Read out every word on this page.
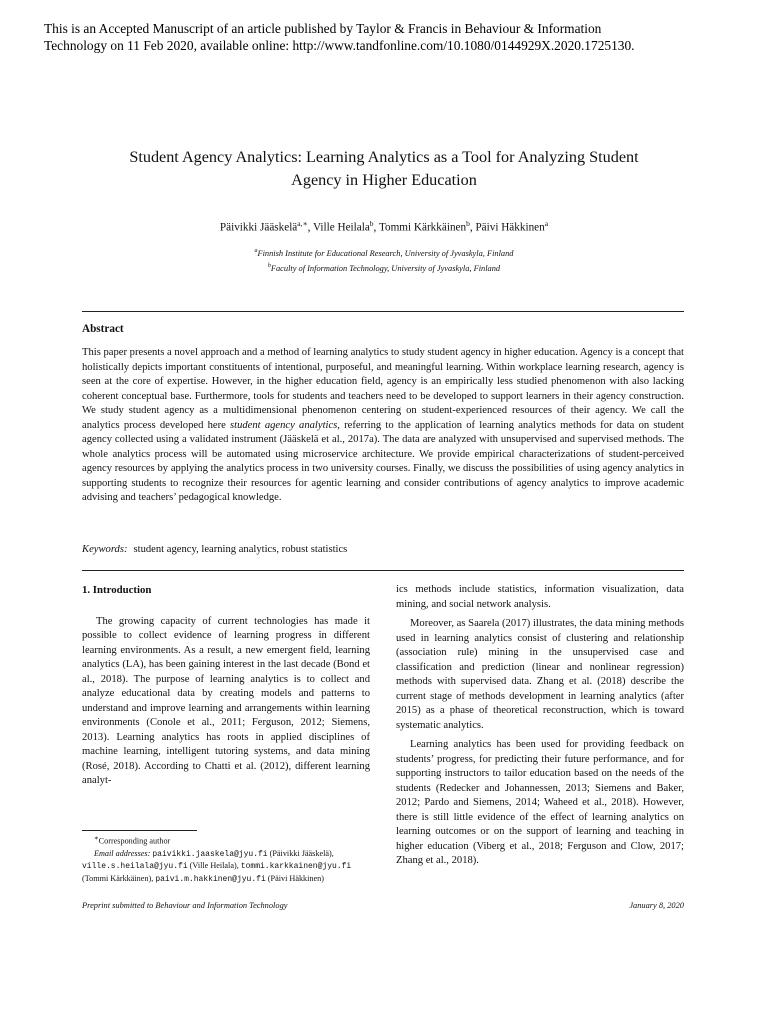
This is an Accepted Manuscript of an article published by Taylor & Francis in Behaviour & Information
Technology on 11 Feb 2020, available online: http://www.tandfonline.com/10.1080/0144929X.2020.1725130.
Student Agency Analytics: Learning Analytics as a Tool for Analyzing Student
Agency in Higher Education
Päivikki Jääskelä$^{a,∗}$, Ville Heilala$^b$, Tommi Kärkkäinen$^b$, Päivi Häkkinen$^a$
$^a$Finnish Institute for Educational Research, University of Jyvaskyla, Finland
$^b$Faculty of Information Technology, University of Jyvaskyla, Finland
Abstract
This paper presents a novel approach and a method of learning analytics to study student agency in higher education. Agency is a concept that holistically depicts important constituents of intentional, purposeful, and meaningful learning. Within workplace learning research, agency is seen at the core of expertise. However, in the higher education field, agency is an empirically less studied phenomenon with also lacking coherent conceptual base. Furthermore, tools for students and teachers need to be developed to support learners in their agency construction. We study student agency as a multidimensional phenomenon centering on student-experienced resources of their agency. We call the analytics process developed here student agency analytics, referring to the application of learning analytics methods for data on student agency collected using a validated instrument (Jääskelä et al., 2017a). The data are analyzed with unsupervised and supervised methods. The whole analytics process will be automated using microservice architecture. We provide empirical characterizations of student-perceived agency resources by applying the analytics process in two university courses. Finally, we discuss the possibilities of using agency analytics in supporting students to recognize their resources for agentic learning and consider contributions of agency analytics to improve academic advising and teachers’ pedagogical knowledge.
Keywords: student agency, learning analytics, robust statistics
1. Introduction

The growing capacity of current technologies has made it possible to collect evidence of learning progress in different learning environments. As a result, a new emergent field, learning analytics (LA), has been gaining interest in the last decade (Bond et al., 2018). The purpose of learning analytics is to collect and analyze educational data by creating models and patterns to understand and improve learning and arrangements within learning environments (Conole et al., 2011; Ferguson, 2012; Siemens, 2013). Learning analytics has roots in applied disciplines of machine learning, intelligent tutoring systems, and data mining (Rosé, 2018). According to Chatti et al. (2012), different learning analyt-

ics methods include statistics, information visualization, data mining, and social network analysis.

Moreover, as Saarela (2017) illustrates, the data mining methods used in learning analytics consist of clustering and relationship (association rule) mining in the unsupervised case and classification and prediction (linear and nonlinear regression) methods with supervised data. Zhang et al. (2018) describe the current stage of methods development in learning analytics (after 2015) as a phase of theoretical reconstruction, which is toward systematic analytics.

Learning analytics has been used for providing feedback on students’ progress, for predicting their future performance, and for supporting instructors to tailor education based on the needs of the students (Redecker and Johannessen, 2013; Siemens and Baker, 2012; Pardo and Siemens, 2014; Waheed et al., 2018). However, there is still little evidence of the effect of learning analytics on learning outcomes or on the support of learning and teaching in higher education (Viberg et al., 2018; Ferguson and Clow, 2017; Zhang et al., 2018).

∗Corresponding author

Email addresses: paivikki.jaaskela@jyu.fi (Päivikki Jääskelä), ville.s.heilala@jyu.fi (Ville Heilala), tommi.karkkainen@jyu.fi (Tommi Kärkkäinen), paivi.m.hakkinen@jyu.fi (Päivi Häkkinen)

Preprint submitted to Behaviour and Information Technology	January 8, 2020
